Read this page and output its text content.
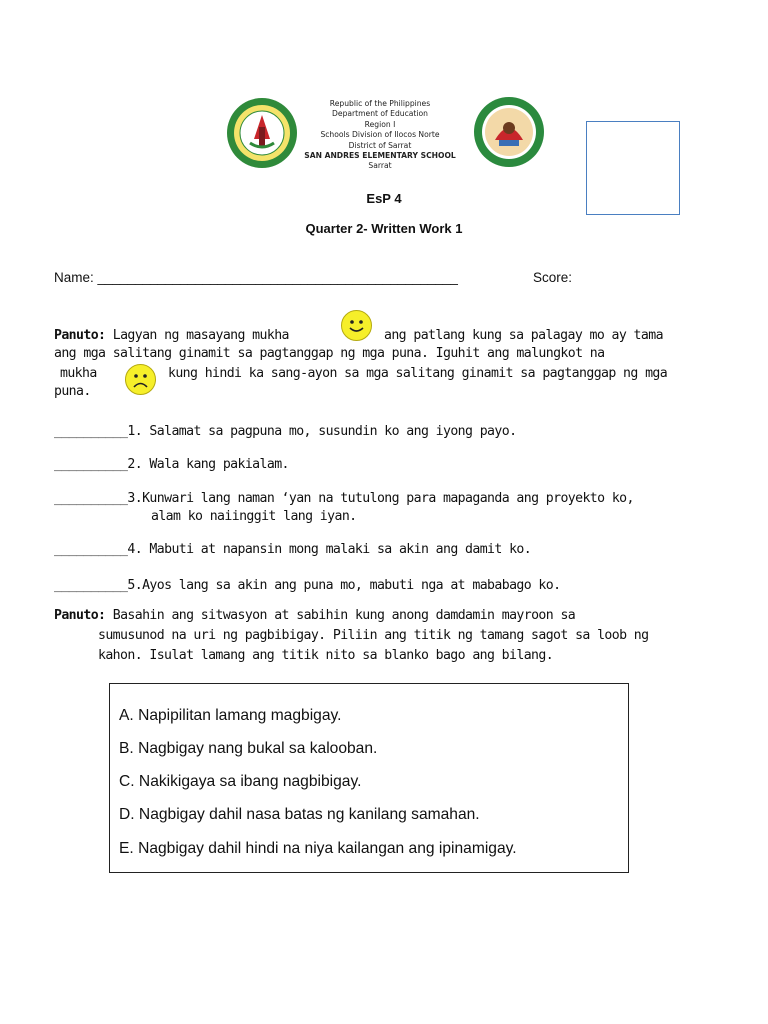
Republic of the Philippines
Department of Education
Region I
Schools Division of Ilocos Norte
District of Sarrat
SAN ANDRES ELEMENTARY SCHOOL
Sarrat
EsP 4
Quarter 2- Written Work 1
Name: ________________________________________________	Score:
Panuto: Lagyan ng masayang mukha	ang patlang kung sa palagay mo ay tama
ang mga salitang ginamit sa pagtanggap ng mga puna. Iguhit ang malungkot na
mukha	kung hindi ka sang-ayon sa mga salitang ginamit sa pagtanggap ng mga
puna.
__________1. Salamat sa pagpuna mo, susundin ko ang iyong payo.
__________2. Wala kang pakialam.
__________3.Kunwari lang naman ‘yan na tutulong para mapaganda ang proyekto ko,
alam ko naiinggit lang iyan.
__________4. Mabuti at napansin mong malaki sa akin ang damit ko.
__________5.Ayos lang sa akin ang puna mo, mabuti nga at mababago ko.
Panuto: Basahin ang sitwasyon at sabihin kung anong damdamin mayroon sa
sumusunod na uri ng pagbibigay. Piliin ang titik ng tamang sagot sa loob ng
kahon. Isulat lamang ang titik nito sa blanko bago ang bilang.
A. Napipilitan lamang magbigay.
B. Nagbigay nang bukal sa kalooban.
C. Nakikigaya sa ibang nagbibigay.
D. Nagbigay dahil nasa batas ng kanilang samahan.
E. Nagbigay dahil hindi na niya kailangan ang ipinamigay.
